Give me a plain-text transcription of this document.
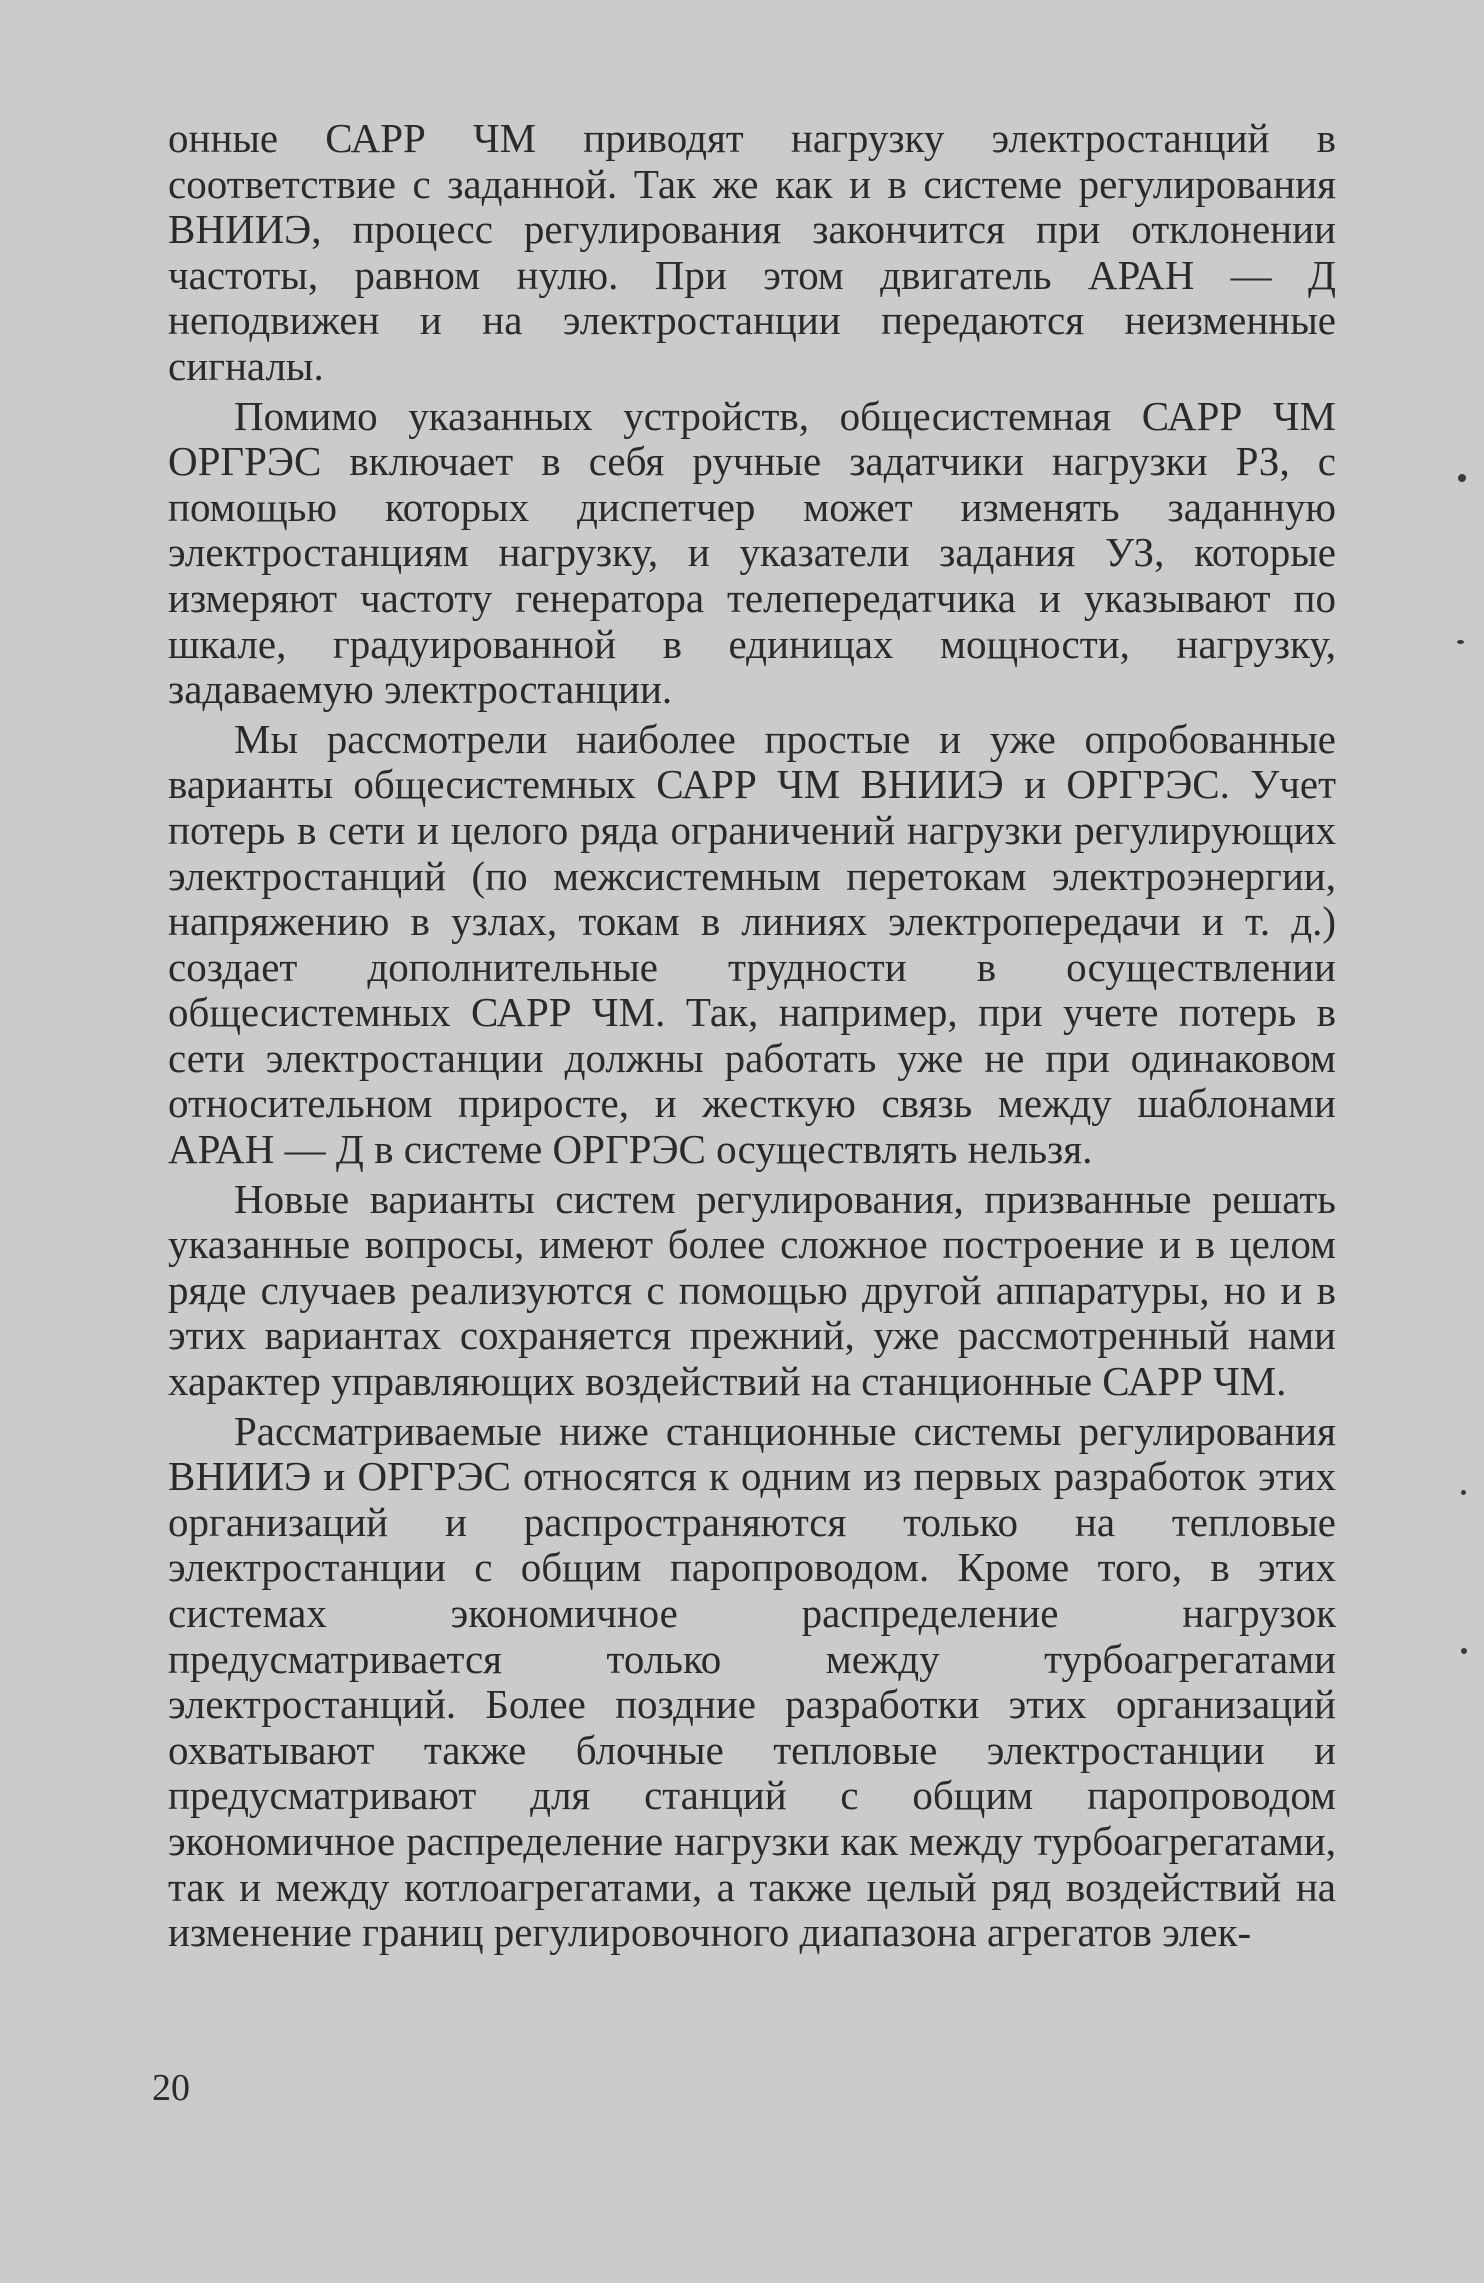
онные САРР ЧМ приводят нагрузку электростанций в соответствие с заданной. Так же как и в системе регулирования ВНИИЭ, процесс регулирования закончится при отклонении частоты, равном нулю. При этом двигатель АРАН — Д неподвижен и на электростанции передаются неизменные сигналы.

Помимо указанных устройств, общесистемная САРР ЧМ ОРГРЭС включает в себя ручные задатчики нагрузки РЗ, с помощью которых диспетчер может изменять заданную электростанциям нагрузку, и указатели задания УЗ, которые измеряют частоту генератора телепередатчика и указывают по шкале, градуированной в единицах мощности, нагрузку, задаваемую электростанции.

Мы рассмотрели наиболее простые и уже опробованные варианты общесистемных САРР ЧМ ВНИИЭ и ОРГРЭС. Учет потерь в сети и целого ряда ограничений нагрузки регулирующих электростанций (по межсистемным перетокам электроэнергии, напряжению в узлах, токам в линиях электропередачи и т. д.) создает дополнительные трудности в осуществлении общесистемных САРР ЧМ. Так, например, при учете потерь в сети электростанции должны работать уже не при одинаковом относительном приросте, и жесткую связь между шаблонами АРАН — Д в системе ОРГРЭС осуществлять нельзя.

Новые варианты систем регулирования, призванные решать указанные вопросы, имеют более сложное построение и в целом ряде случаев реализуются с помощью другой аппаратуры, но и в этих вариантах сохраняется прежний, уже рассмотренный нами характер управляющих воздействий на станционные САРР ЧМ.

Рассматриваемые ниже станционные системы регулирования ВНИИЭ и ОРГРЭС относятся к одним из первых разработок этих организаций и распространяются только на тепловые электростанции с общим паропроводом. Кроме того, в этих системах экономичное распределение нагрузок предусматривается только между турбоагрегатами электростанций. Более поздние разработки этих организаций охватывают также блочные тепловые электростанции и предусматривают для станций с общим паропроводом экономичное распределение нагрузки как между турбоагрегатами, так и между котлоагрегатами, а также целый ряд воздействий на изменение границ регулировочного диапазона агрегатов элек-

20
